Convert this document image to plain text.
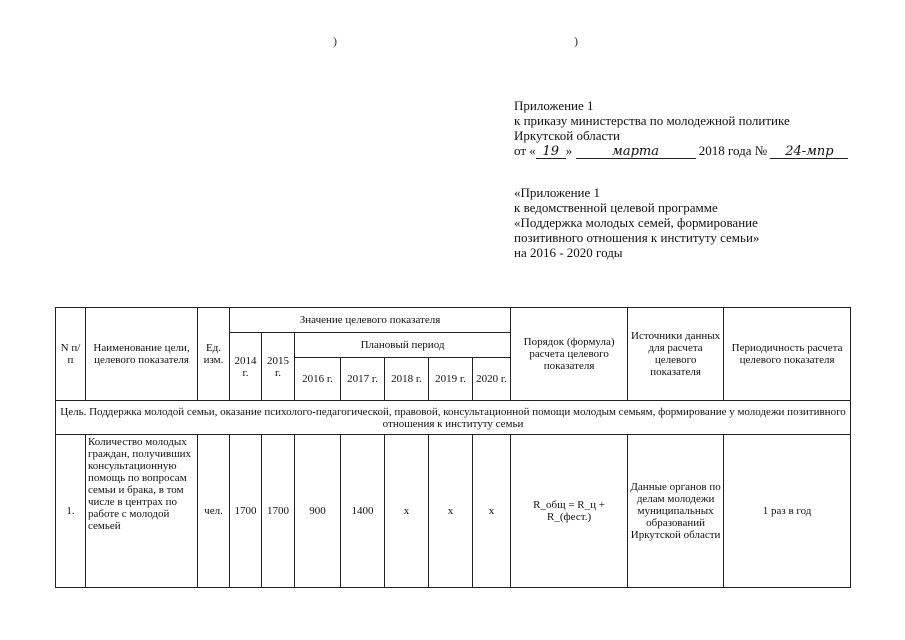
)	)
Приложение 1
к приказу министерства по молодежной политике
Иркутской области
от « 19 »	марта	2018 года № 24-мпр
«Приложение 1
к ведомственной целевой программе
«Поддержка молодых семей, формирование
позитивного отношения к институту семьи»
на 2016 - 2020 годы
N п/п	Наименование цели, целевого показателя	Ед. изм.	Значение целевого показателя							Порядок (формула) расчета целевого показателя	Источники данных для расчета целевого показателя	Периодичность расчета целевого показателя
			2014 г.	2015 г.	Плановый период							
					2016 г.	2017 г.	2018 г.	2019 г.	2020 г.			
Цель. Поддержка молодой семьи, оказание психолого-педагогической, правовой, консультационной помощи молодым семьям, формирование у молодежи позитивного отношения к институту семьи												
1.	Количество молодых граждан, получивших консультационную помощь по вопросам семьи и брака, в том числе в центрах по работе с молодой семьей	чел.	1700	1700	900	1400	x	x	x	R_общ = R_ц + R_(фест.)	Данные органов по делам молодежи муниципальных образований Иркутской области	1 раз в год
